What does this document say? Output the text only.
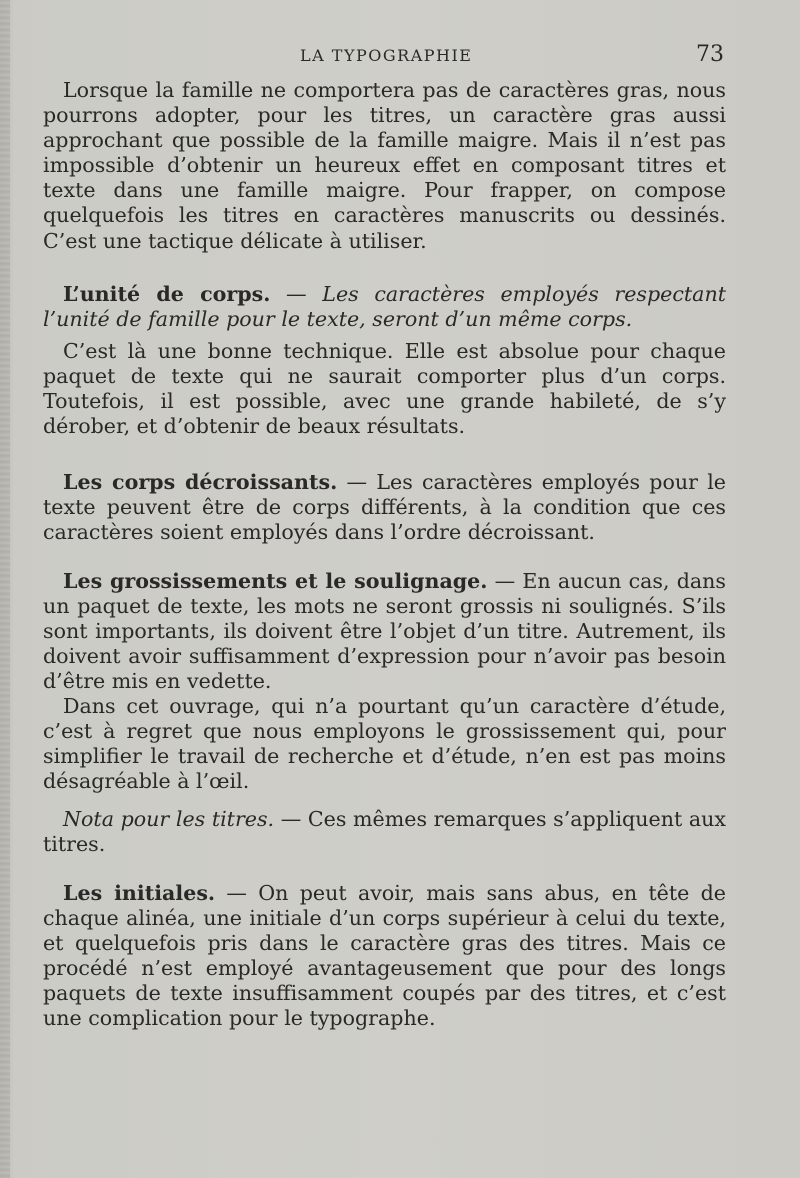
LA TYPOGRAPHIE	73

Lorsque la famille ne comportera pas de caractères gras, nous pourrons adopter, pour les titres, un caractère gras aussi approchant que possible de la famille maigre. Mais il n’est pas impossible d’obtenir un heureux effet en composant titres et texte dans une famille maigre. Pour frapper, on compose quelquefois les titres en caractères manuscrits ou dessinés. C’est une tactique délicate à utiliser.

L’unité de corps. — Les caractères employés respectant l’unité de famille pour le texte, seront d’un même corps.

C’est là une bonne technique. Elle est absolue pour chaque paquet de texte qui ne saurait comporter plus d’un corps. Toutefois, il est possible, avec une grande habileté, de s’y dérober, et d’obtenir de beaux résultats.

Les corps décroissants. — Les caractères employés pour le texte peuvent être de corps différents, à la condition que ces caractères soient employés dans l’ordre décroissant.

Les grossissements et le soulignage. — En aucun cas, dans un paquet de texte, les mots ne seront grossis ni soulignés. S’ils sont importants, ils doivent être l’objet d’un titre. Autrement, ils doivent avoir suffisamment d’expression pour n’avoir pas besoin d’être mis en vedette.

Dans cet ouvrage, qui n’a pourtant qu’un caractère d’étude, c’est à regret que nous employons le grossissement qui, pour simplifier le travail de recherche et d’étude, n’en est pas moins désagréable à l’œil.

Nota pour les titres. — Ces mêmes remarques s’appliquent aux titres.

Les initiales. — On peut avoir, mais sans abus, en tête de chaque alinéa, une initiale d’un corps supérieur à celui du texte, et quelquefois pris dans le caractère gras des titres. Mais ce procédé n’est employé avantageusement que pour des longs paquets de texte insuffisamment coupés par des titres, et c’est une complication pour le typographe.
